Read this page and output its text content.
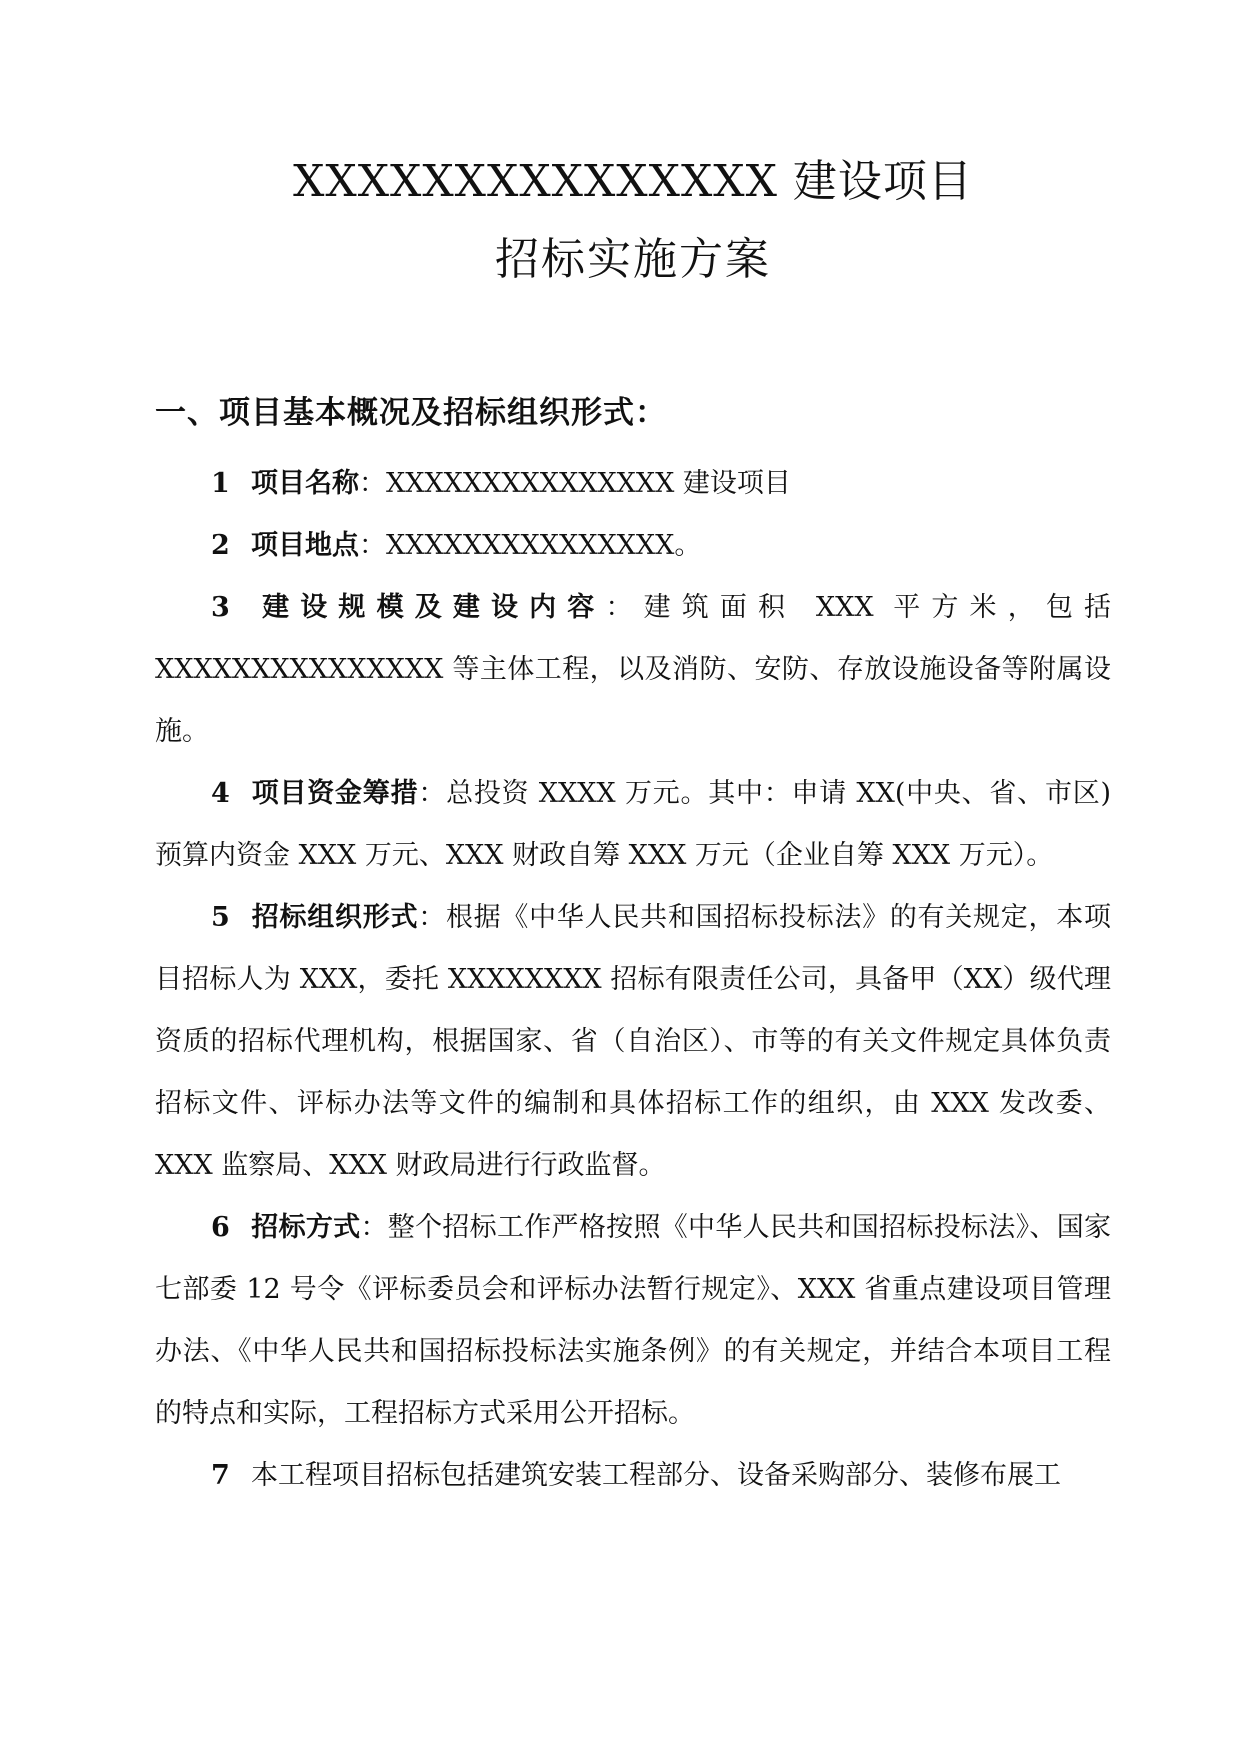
XXXXXXXXXXXXXXX 建设项目
招标实施方案
一、项目基本概况及招标组织形式：

1 项目名称：XXXXXXXXXXXXXXX 建设项目

2 项目地点：XXXXXXXXXXXXXXX。

3 建设规模及建设内容：建筑面积 XXX 平方米，包括 XXXXXXXXXXXXXXX 等主体工程，以及消防、安防、存放设施设备等附属设施。

4 项目资金筹措：总投资 XXXX 万元。其中：申请 XX(中央、省、市区)预算内资金 XXX 万元、XXX 财政自筹 XXX 万元（企业自筹 XXX 万元）。

5 招标组织形式：根据《中华人民共和国招标投标法》的有关规定，本项目招标人为 XXX，委托 XXXXXXXX 招标有限责任公司，具备甲（XX）级代理资质的招标代理机构，根据国家、省（自治区）、市等的有关文件规定具体负责招标文件、评标办法等文件的编制和具体招标工作的组织，由 XXX 发改委、XXX 监察局、XXX 财政局进行行政监督。

6 招标方式：整个招标工作严格按照《中华人民共和国招标投标法》、国家七部委 12 号令《评标委员会和评标办法暂行规定》、XXX 省重点建设项目管理办法、《中华人民共和国招标投标法实施条例》的有关规定，并结合本项目工程的特点和实际，工程招标方式采用公开招标。

7 本工程项目招标包括建筑安装工程部分、设备采购部分、装修布展工
